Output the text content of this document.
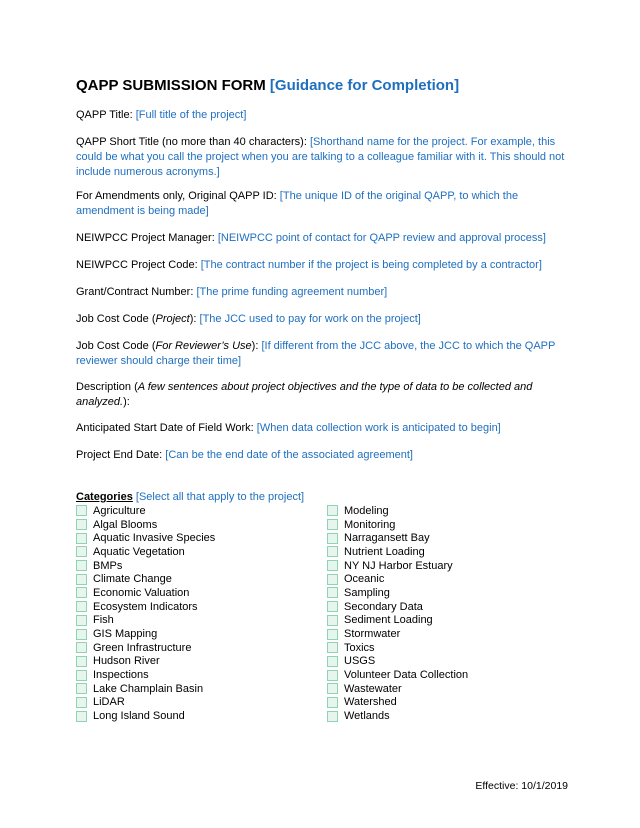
QAPP SUBMISSION FORM [Guidance for Completion]
QAPP Title: [Full title of the project]
QAPP Short Title (no more than 40 characters): [Shorthand name for the project. For example, this could be what you call the project when you are talking to a colleague familiar with it. This should not include numerous acronyms.]
For Amendments only, Original QAPP ID: [The unique ID of the original QAPP, to which the amendment is being made]
NEIWPCC Project Manager: [NEIWPCC point of contact for QAPP review and approval process]
NEIWPCC Project Code: [The contract number if the project is being completed by a contractor]
Grant/Contract Number: [The prime funding agreement number]
Job Cost Code (Project): [The JCC used to pay for work on the project]
Job Cost Code (For Reviewer’s Use): [If different from the JCC above, the JCC to which the QAPP reviewer should charge their time]
Description (A few sentences about project objectives and the type of data to be collected and analyzed.):
Anticipated Start Date of Field Work: [When data collection work is anticipated to begin]
Project End Date: [Can be the end date of the associated agreement]
Categories [Select all that apply to the project]
Agriculture
Algal Blooms
Aquatic Invasive Species
Aquatic Vegetation
BMPs
Climate Change
Economic Valuation
Ecosystem Indicators
Fish
GIS Mapping
Green Infrastructure
Hudson River
Inspections
Lake Champlain Basin
LiDAR
Long Island Sound
Modeling
Monitoring
Narragansett Bay
Nutrient Loading
NY NJ Harbor Estuary
Oceanic
Sampling
Secondary Data
Sediment Loading
Stormwater
Toxics
USGS
Volunteer Data Collection
Wastewater
Watershed
Wetlands
Effective: 10/1/2019
